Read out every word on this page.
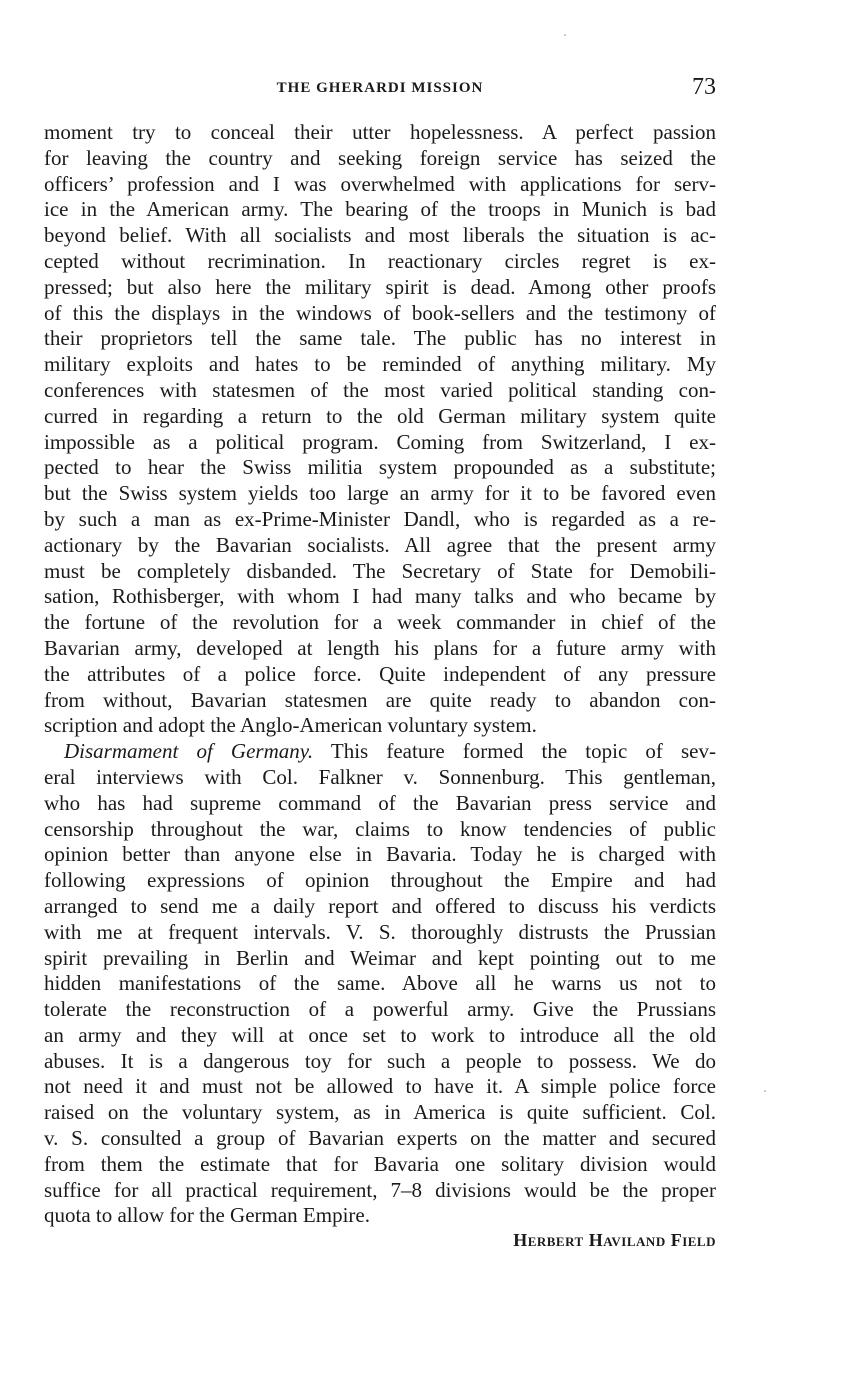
THE GHERARDI MISSION	73
moment try to conceal their utter hopelessness. A perfect passion
for leaving the country and seeking foreign service has seized the
officers’ profession and I was overwhelmed with applications for serv-
ice in the American army. The bearing of the troops in Munich is bad
beyond belief. With all socialists and most liberals the situation is ac-
cepted without recrimination. In reactionary circles regret is ex-
pressed; but also here the military spirit is dead. Among other proofs
of this the displays in the windows of book-sellers and the testimony of
their proprietors tell the same tale. The public has no interest in
military exploits and hates to be reminded of anything military. My
conferences with statesmen of the most varied political standing con-
curred in regarding a return to the old German military system quite
impossible as a political program. Coming from Switzerland, I ex-
pected to hear the Swiss militia system propounded as a substitute;
but the Swiss system yields too large an army for it to be favored even
by such a man as ex-Prime-Minister Dandl, who is regarded as a re-
actionary by the Bavarian socialists. All agree that the present army
must be completely disbanded. The Secretary of State for Demobili-
sation, Rothisberger, with whom I had many talks and who became by
the fortune of the revolution for a week commander in chief of the
Bavarian army, developed at length his plans for a future army with
the attributes of a police force. Quite independent of any pressure
from without, Bavarian statesmen are quite ready to abandon con-
scription and adopt the Anglo-American voluntary system.
Disarmament of Germany. This feature formed the topic of sev-
eral interviews with Col. Falkner v. Sonnenburg. This gentleman,
who has had supreme command of the Bavarian press service and
censorship throughout the war, claims to know tendencies of public
opinion better than anyone else in Bavaria. Today he is charged with
following expressions of opinion throughout the Empire and had
arranged to send me a daily report and offered to discuss his verdicts
with me at frequent intervals. V. S. thoroughly distrusts the Prussian
spirit prevailing in Berlin and Weimar and kept pointing out to me
hidden manifestations of the same. Above all he warns us not to
tolerate the reconstruction of a powerful army. Give the Prussians
an army and they will at once set to work to introduce all the old
abuses. It is a dangerous toy for such a people to possess. We do
not need it and must not be allowed to have it. A simple police force
raised on the voluntary system, as in America is quite sufficient. Col.
v. S. consulted a group of Bavarian experts on the matter and secured
from them the estimate that for Bavaria one solitary division would
suffice for all practical requirement, 7–8 divisions would be the proper
quota to allow for the German Empire.
Herbert Haviland Field
